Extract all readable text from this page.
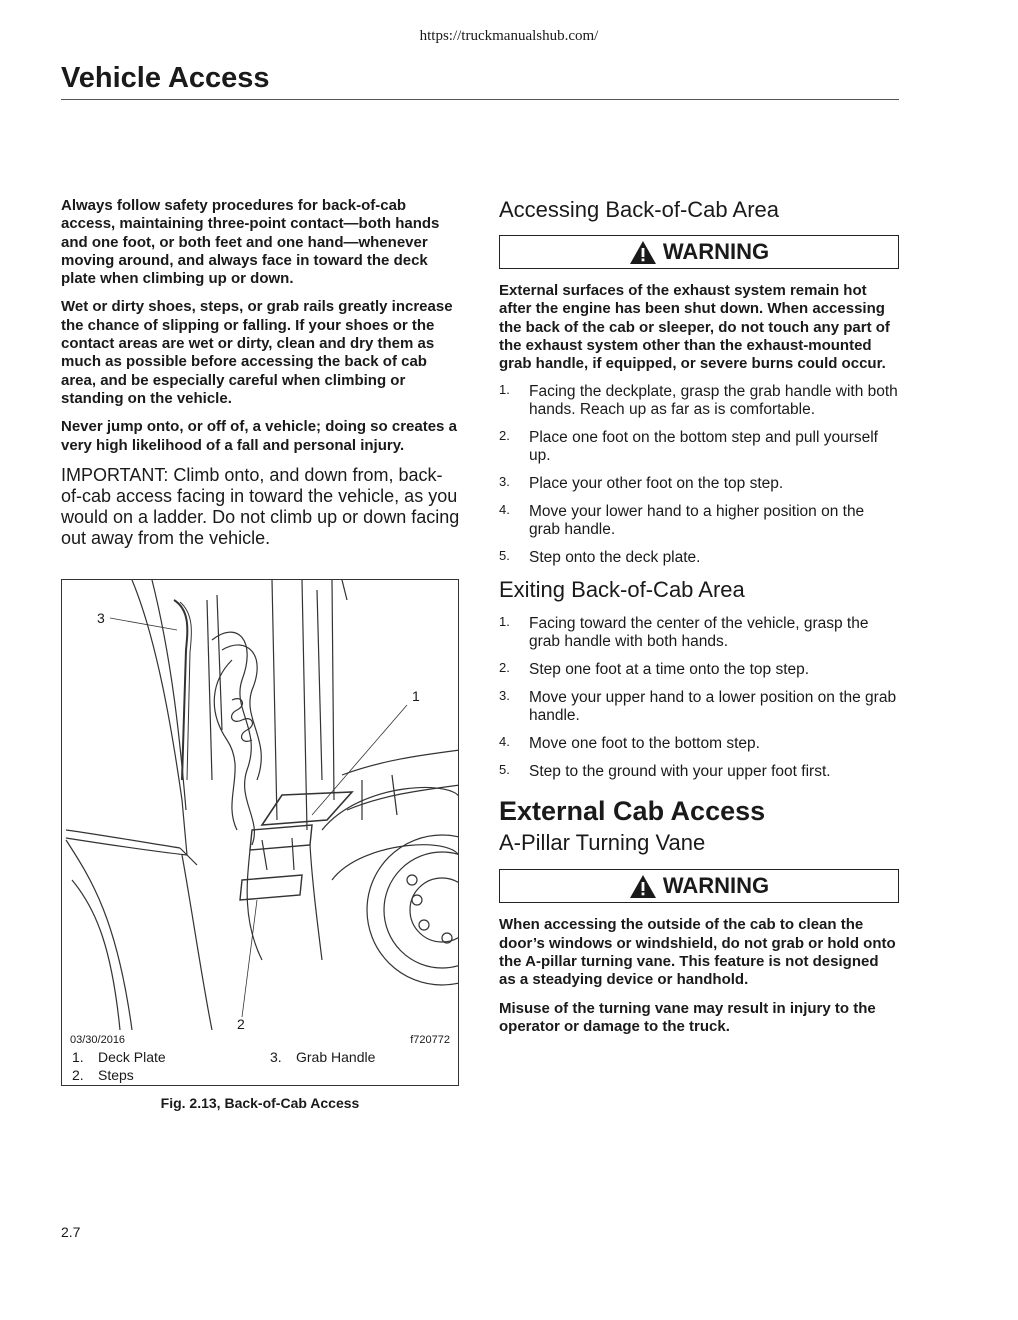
https://truckmanualshub.com/
Vehicle Access

Always follow safety procedures for back-of-cab access, maintaining three-point contact—both hands and one foot, or both feet and one hand—whenever moving around, and always face in toward the deck plate when climbing up or down.

Wet or dirty shoes, steps, or grab rails greatly increase the chance of slipping or falling. If your shoes or the contact areas are wet or dirty, clean and dry them as much as possible before accessing the back of cab area, and be especially careful when climbing or standing on the vehicle.

Never jump onto, or off of, a vehicle; doing so creates a very high likelihood of a fall and personal injury.

IMPORTANT: Climb onto, and down from, back-of-cab access facing in toward the vehicle, as you would on a ladder. Do not climb up or down facing out away from the vehicle.

3
1
2
03/30/2016	f720772
1. Deck Plate
2. Steps
3. Grab Handle
Fig. 2.13, Back-of-Cab Access
Accessing Back-of-Cab Area
WARNING

External surfaces of the exhaust system remain hot after the engine has been shut down. When accessing the back of the cab or sleeper, do not touch any part of the exhaust system other than the exhaust-mounted grab handle, if equipped, or severe burns could occur.

1. Facing the deckplate, grasp the grab handle with both hands. Reach up as far as is comfortable.
2. Place one foot on the bottom step and pull yourself up.
3. Place your other foot on the top step.
4. Move your lower hand to a higher position on the grab handle.
5. Step onto the deck plate.
Exiting Back-of-Cab Area
1. Facing toward the center of the vehicle, grasp the grab handle with both hands.
2. Step one foot at a time onto the top step.
3. Move your upper hand to a lower position on the grab handle.
4. Move one foot to the bottom step.
5. Step to the ground with your upper foot first.
External Cab Access
A-Pillar Turning Vane
WARNING

When accessing the outside of the cab to clean the door’s windows or windshield, do not grab or hold onto the A-pillar turning vane. This feature is not designed as a steadying device or handhold.

Misuse of the turning vane may result in injury to the operator or damage to the truck.

2.7
